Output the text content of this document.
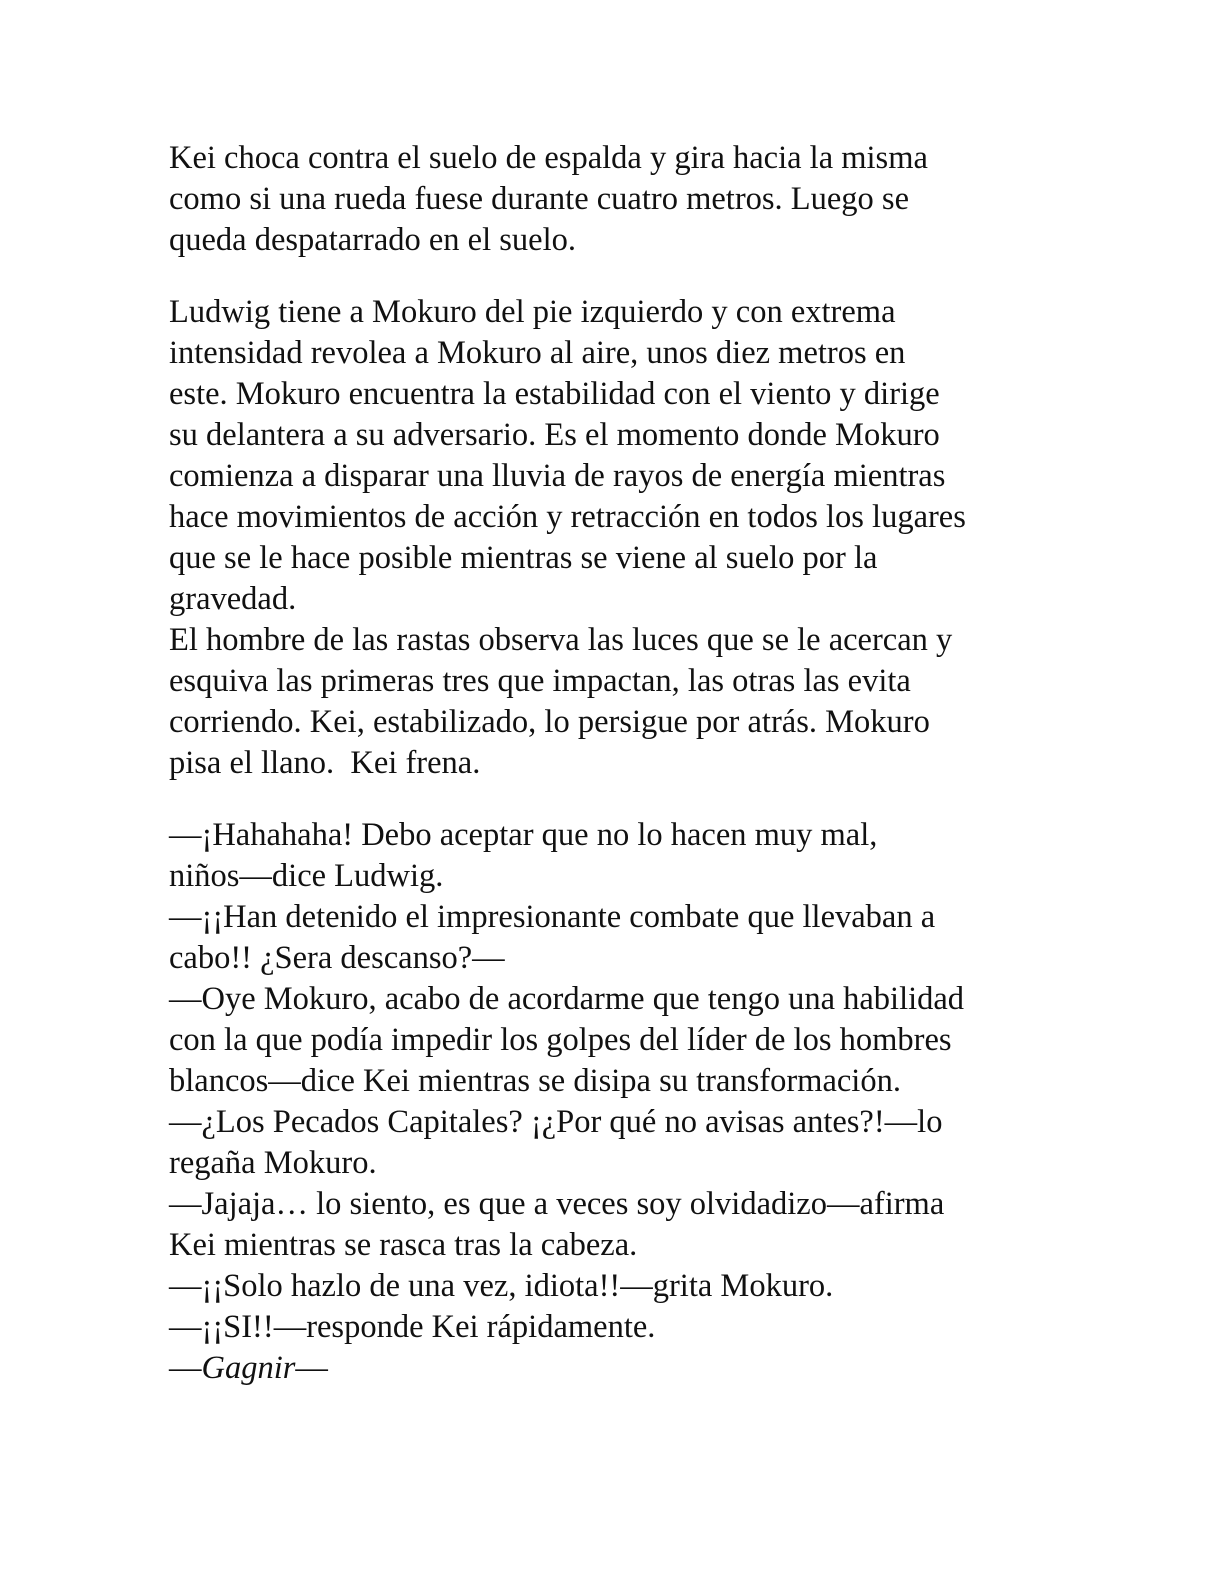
Kei choca contra el suelo de espalda y gira hacia la misma
como si una rueda fuese durante cuatro metros. Luego se
queda despatarrado en el suelo.
Ludwig tiene a Mokuro del pie izquierdo y con extrema
intensidad revolea a Mokuro al aire, unos diez metros en
este. Mokuro encuentra la estabilidad con el viento y dirige
su delantera a su adversario. Es el momento donde Mokuro
comienza a disparar una lluvia de rayos de energía mientras
hace movimientos de acción y retracción en todos los lugares
que se le hace posible mientras se viene al suelo por la
gravedad.
El hombre de las rastas observa las luces que se le acercan y
esquiva las primeras tres que impactan, las otras las evita
corriendo. Kei, estabilizado, lo persigue por atrás. Mokuro
pisa el llano.  Kei frena.
—¡Hahahaha! Debo aceptar que no lo hacen muy mal,
niños—dice Ludwig.
—¡¡Han detenido el impresionante combate que llevaban a
cabo!! ¿Sera descanso?—
—Oye Mokuro, acabo de acordarme que tengo una habilidad
con la que podía impedir los golpes del líder de los hombres
blancos—dice Kei mientras se disipa su transformación.
—¿Los Pecados Capitales? ¡¿Por qué no avisas antes?!—lo
regaña Mokuro.
—Jajaja… lo siento, es que a veces soy olvidadizo—afirma
Kei mientras se rasca tras la cabeza.
—¡¡Solo hazlo de una vez, idiota!!—grita Mokuro.
—¡¡SI!!—responde Kei rápidamente.
—Gagnir—
